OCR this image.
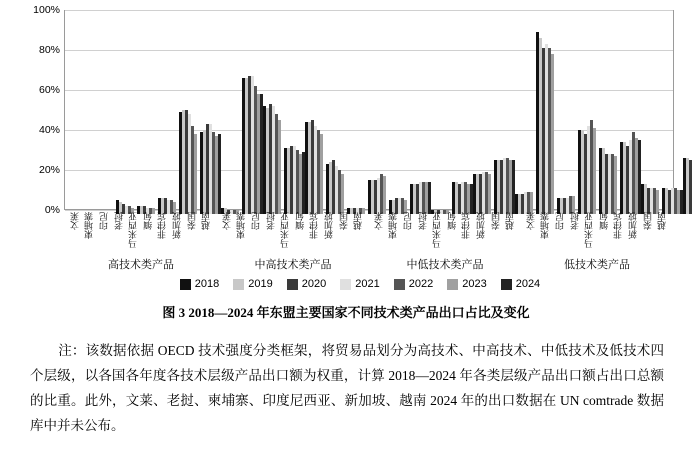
0%
20%
40%
60%
80%
100%
文莱 柬埔寨 印尼 老挝 马来西亚 缅甸 菲律宾 新加坡 泰国 越南 文莱 柬埔寨 印尼 老挝 马来西亚 缅甸 菲律宾 新加坡 泰国 越南 文莱 柬埔寨 印尼 老挝 马来西亚 缅甸 菲律宾 新加坡 泰国 越南 文莱 柬埔寨 印尼 老挝 马来西亚 缅甸 菲律宾 新加坡 泰国 越南
高技术类产品	中高技术类产品	中低技术类产品	低技术类产品
2018	2019	2020	2021	2022	2023	2024
图 3 2018—2024 年东盟主要国家不同技术类产品出口占比及变化

注：该数据依据 OECD 技术强度分类框架，将贸易品划分为高技术、中高技术、中低技术及低技术四个层级，以各国各年度各技术层级产品出口额为权重，计算 2018—2024 年各类层级产品出口额占出口总额的比重。此外，文莱、老挝、柬埔寨、印度尼西亚、新加坡、越南 2024 年的出口数据在 UN comtrade 数据库中并未公布。
